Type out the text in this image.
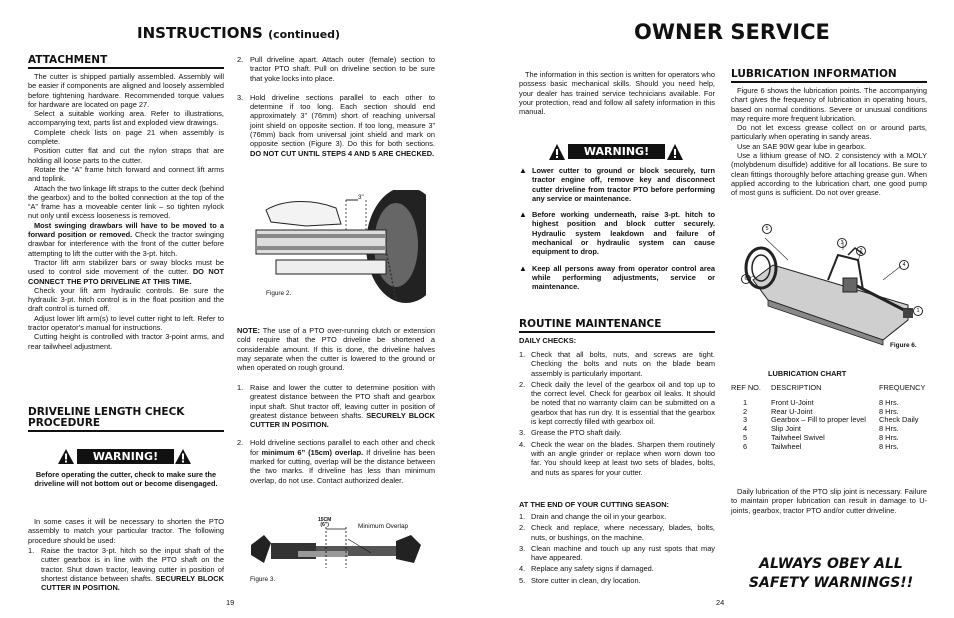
INSTRUCTIONS (continued)
ATTACHMENT

The cutter is shipped partially assembled. Assembly will be easier if components are aligned and loosely assembled before tightening hardware. Recommended torque values for hardware are located on page 27.

Select a suitable working area. Refer to illustrations, accompanying text, parts list and exploded view drawings.

Complete check lists on page 21 when assembly is complete.

Position cutter flat and cut the nylon straps that are holding all loose parts to the cutter.

Rotate the “A” frame hitch forward and connect lift arms and toplink.

Attach the two linkage lift straps to the cutter deck (behind the gearbox) and to the bolted connection at the top of the “A” frame has a moveable center link – so tighten nylock nut only until excess looseness is removed.

Most swinging drawbars will have to be moved to a forward position or removed. Check the tractor swinging drawbar for interference with the front of the cutter before attempting to lift the cutter with the 3-pt. hitch.

Tractor lift arm stabilizer bars or sway blocks must be used to control side movement of the cutter. DO NOT CONNECT THE PTO DRIVELINE AT THIS TIME.

Check your lift arm hydraulic controls. Be sure the hydraulic 3-pt. hitch control is in the float position and the draft control is turned off.

Adjust lower lift arm(s) to level cutter right to left. Refer to tractor operator’s manual for instructions.

Cutting height is controlled with tractor 3-point arms, and rear tailwheel adjustment.

DRIVELINE LENGTH CHECK
PROCEDURE
WARNING!
Before operating the cutter, check to make sure the driveline will not bottom out or become disengaged.
In some cases it will be necessary to shorten the PTO assembly to match your particular tractor. The following procedure should be used:
1. Raise the tractor 3-pt. hitch so the input shaft of the cutter gearbox is in line with the PTO shaft on the tractor. Shut down tractor, leaving cutter in position of shortest distance between shafts. SECURELY BLOCK CUTTER IN POSITION.
2. Pull driveline apart. Attach outer (female) section to tractor PTO shaft. Pull on driveline section to be sure that yoke locks into place.
3. Hold driveline sections parallel to each other to determine if too long. Each section should end approximately 3” (76mm) short of reaching universal joint shield on opposite section. If too long, measure 3” (76mm) back from universal joint shield and mark on opposite section (Figure 3). Do this for both sections. DO NOT CUT UNTIL STEPS 4 AND 5 ARE CHECKED.
3"
Figure 2.
NOTE: The use of a PTO over-running clutch or extension cold require that the PTO driveline be shortened a considerable amount. If this is done, the driveline halves may separate when the cutter is lowered to the ground or when operated on rough ground.
1. Raise and lower the cutter to determine position with greatest distance between the PTO shaft and gearbox input shaft. Shut tractor off, leaving cutter in position of greatest distance between shafts. SECURELY BLOCK CUTTER IN POSITION.
2. Hold driveline sections parallel to each other and check for minimum 6” (15cm) overlap. If driveline has been marked for cutting, overlap will be the distance between the two marks. If driveline has less than minimum overlap, do not use. Contact authorized dealer.
15CM
(6")	Minimum Overlap
Figure 3.
19
OWNER SERVICE
The information in this section is written for operators who possess basic mechanical skills. Should you need help, your dealer has trained service technicians available. For your protection, read and follow all safety information in this manual.
WARNING!
▲ Lower cutter to ground or block securely, turn tractor engine off, remove key and disconnect cutter driveline from tractor PTO before performing any service or maintenance.
▲ Before working underneath, raise 3-pt. hitch to highest position and block cutter securely. Hydraulic system leakdown and failure of mechanical or hydraulic system can cause equipment to drop.
▲ Keep all persons away from operator control area while performing adjustments, service or maintenance.
ROUTINE MAINTENANCE
DAILY CHECKS:
1. Check that all bolts, nuts, and screws are tight. Checking the bolts and nuts on the blade beam assembly is particularly important.
2. Check daily the level of the gearbox oil and top up to the correct level. Check for gearbox oil leaks. It should be noted that no warranty claim can be submitted on a gearbox that has run dry. It is essential that the gearbox is kept correctly filled with gearbox oil.
3. Grease the PTO shaft daily.
4. Check the wear on the blades. Sharpen them routinely with an angle grinder or replace when worn down too far. You should keep at least two sets of blades, bolts, and nuts as spares for your cutter.
AT THE END OF YOUR CUTTING SEASON:
1. Drain and change the oil in your gearbox.
2. Check and replace, where necessary, blades, bolts, nuts, or bushings, on the machine.
3. Clean machine and touch up any rust spots that may have appeared.
4. Replace any safety signs if damaged.
5. Store cutter in clean, dry location.
LUBRICATION INFORMATION

Figure 6 shows the lubrication points. The accompanying chart gives the frequency of lubrication in operating hours, based on normal conditions. Severe or unusual conditions may require more frequent lubrication.

Do not let excess grease collect on or around parts, particularly when operating in sandy areas.

Use an SAE 90W gear lube in gearbox.

Use a lithium grease of NO. 2 consistency with a MOLY (molybdenum disulfide) additive for all locations. Be sure to clean fittings thoroughly before attaching grease gun. When applied according to the lubrication chart, one good pump of most guns is sufficient. Do not over grease.

5
3
2
4
1
6
Figure 6.
LUBRICATION CHART
REF NO.	DESCRIPTION	FREQUENCY

1	Front U-Joint	8 Hrs.
2	Rear U-Joint	8 Hrs.
3	Gearbox – Fill to proper level	Check Daily
4	Slip Joint	8 Hrs.
5	Tailwheel Swivel	8 Hrs.
6	Tailwheel	8 Hrs.
Daily lubrication of the PTO slip joint is necessary. Failure to maintain proper lubrication can result in damage to U-joints, gearbox, tractor PTO and/or cutter driveline.
ALWAYS OBEY ALL
SAFETY WARNINGS!!
24
